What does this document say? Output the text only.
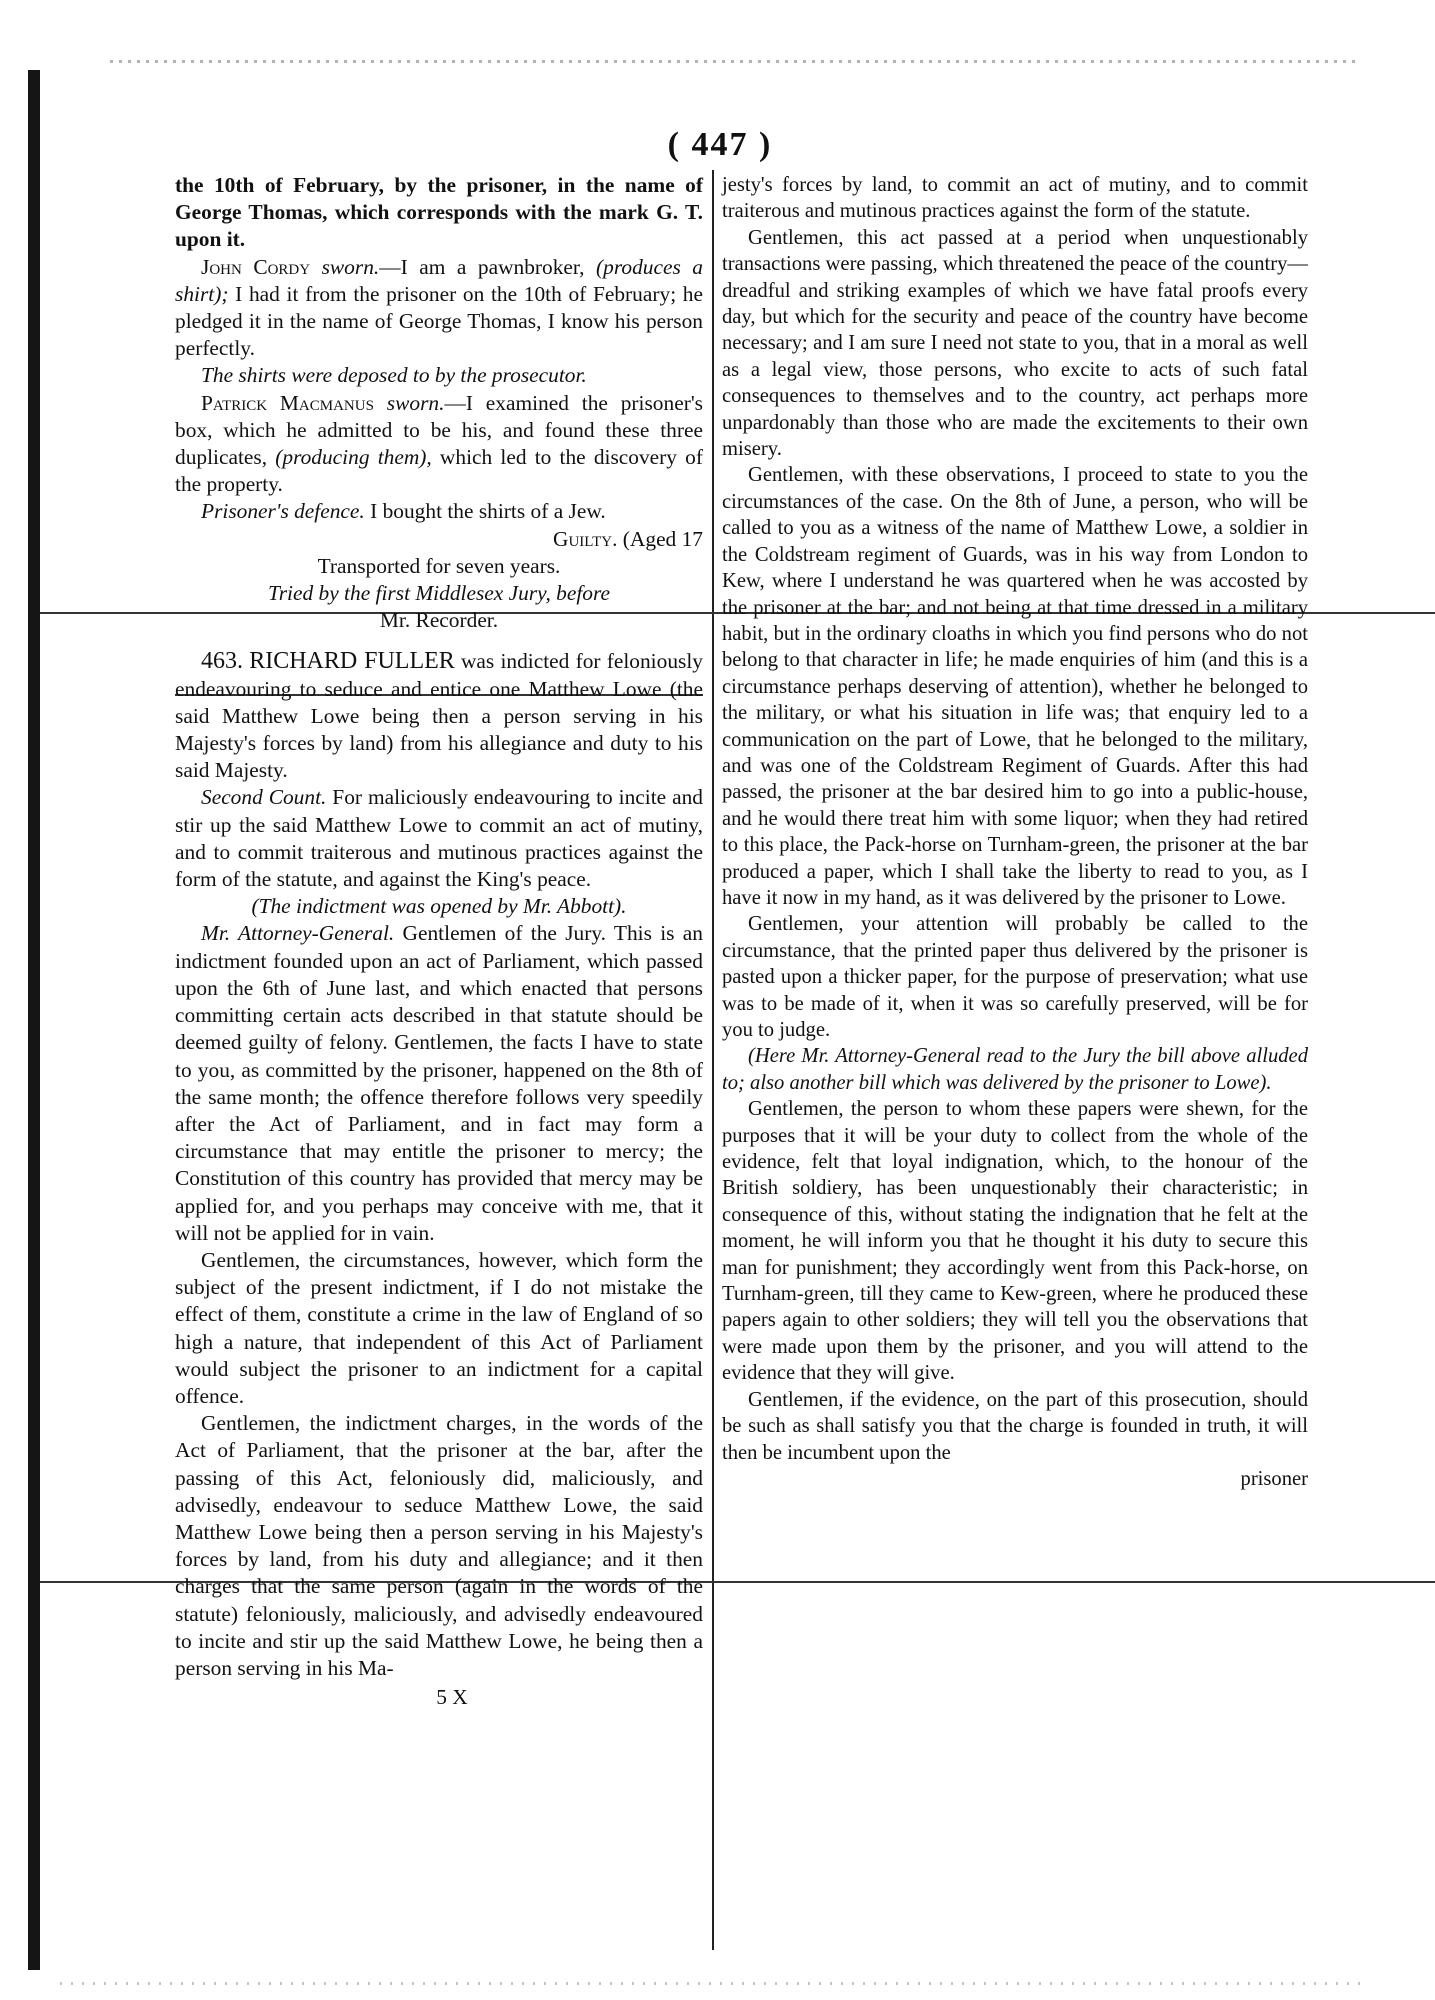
( 447 )

the 10th of February, by the prisoner, in the name of George Thomas, which corresponds with the mark G. T. upon it.

John Cordy sworn.—I am a pawnbroker, (produces a shirt); I had it from the prisoner on the 10th of February; he pledged it in the name of George Thomas, I know his person perfectly.

The shirts were deposed to by the prosecutor.

Patrick Macmanus sworn.—I examined the prisoner's box, which he admitted to be his, and found these three duplicates, (producing them), which led to the discovery of the property.

Prisoner's defence. I bought the shirts of a Jew.

Guilty. (Aged 17

Transported for seven years.

Tried by the first Middlesex Jury, before

Mr. Recorder.

463. RICHARD FULLER was indicted for feloniously endeavouring to seduce and entice one Matthew Lowe (the said Matthew Lowe being then a person serving in his Majesty's forces by land) from his allegiance and duty to his said Majesty.

Second Count. For maliciously endeavouring to incite and stir up the said Matthew Lowe to commit an act of mutiny, and to commit traiterous and mutinous practices against the form of the statute, and against the King's peace.

(The indictment was opened by Mr. Abbott).

Mr. Attorney-General. Gentlemen of the Jury. This is an indictment founded upon an act of Parliament, which passed upon the 6th of June last, and which enacted that persons committing certain acts described in that statute should be deemed guilty of felony. Gentlemen, the facts I have to state to you, as committed by the prisoner, happened on the 8th of the same month; the offence therefore follows very speedily after the Act of Parliament, and in fact may form a circumstance that may entitle the prisoner to mercy; the Constitution of this country has provided that mercy may be applied for, and you perhaps may conceive with me, that it will not be applied for in vain.

Gentlemen, the circumstances, however, which form the subject of the present indictment, if I do not mistake the effect of them, constitute a crime in the law of England of so high a nature, that independent of this Act of Parliament would subject the prisoner to an indictment for a capital offence.

Gentlemen, the indictment charges, in the words of the Act of Parliament, that the prisoner at the bar, after the passing of this Act, feloniously did, maliciously, and advisedly, endeavour to seduce Matthew Lowe, the said Matthew Lowe being then a person serving in his Majesty's forces by land, from his duty and allegiance; and it then charges that the same person (again in the words of the statute) feloniously, maliciously, and advisedly endeavoured to incite and stir up the said Matthew Lowe, he being then a person serving in his Ma-

5 X

jesty's forces by land, to commit an act of mutiny, and to commit traiterous and mutinous practices against the form of the statute.

Gentlemen, this act passed at a period when unquestionably transactions were passing, which threatened the peace of the country—dreadful and striking examples of which we have fatal proofs every day, but which for the security and peace of the country have become necessary; and I am sure I need not state to you, that in a moral as well as a legal view, those persons, who excite to acts of such fatal consequences to themselves and to the country, act perhaps more unpardonably than those who are made the excitements to their own misery.

Gentlemen, with these observations, I proceed to state to you the circumstances of the case. On the 8th of June, a person, who will be called to you as a witness of the name of Matthew Lowe, a soldier in the Coldstream regiment of Guards, was in his way from London to Kew, where I understand he was quartered when he was accosted by the prisoner at the bar; and not being at that time dressed in a military habit, but in the ordinary cloaths in which you find persons who do not belong to that character in life; he made enquiries of him (and this is a circumstance perhaps deserving of attention), whether he belonged to the military, or what his situation in life was; that enquiry led to a communication on the part of Lowe, that he belonged to the military, and was one of the Coldstream Regiment of Guards. After this had passed, the prisoner at the bar desired him to go into a public-house, and he would there treat him with some liquor; when they had retired to this place, the Pack-horse on Turnham-green, the prisoner at the bar produced a paper, which I shall take the liberty to read to you, as I have it now in my hand, as it was delivered by the prisoner to Lowe.

Gentlemen, your attention will probably be called to the circumstance, that the printed paper thus delivered by the prisoner is pasted upon a thicker paper, for the purpose of preservation; what use was to be made of it, when it was so carefully preserved, will be for you to judge.

(Here Mr. Attorney-General read to the Jury the bill above alluded to; also another bill which was delivered by the prisoner to Lowe).

Gentlemen, the person to whom these papers were shewn, for the purposes that it will be your duty to collect from the whole of the evidence, felt that loyal indignation, which, to the honour of the British soldiery, has been unquestionably their characteristic; in consequence of this, without stating the indignation that he felt at the moment, he will inform you that he thought it his duty to secure this man for punishment; they accordingly went from this Pack-horse, on Turnham-green, till they came to Kew-green, where he produced these papers again to other soldiers; they will tell you the observations that were made upon them by the prisoner, and you will attend to the evidence that they will give.

Gentlemen, if the evidence, on the part of this prosecution, should be such as shall satisfy you that the charge is founded in truth, it will then be incumbent upon the

prisoner
